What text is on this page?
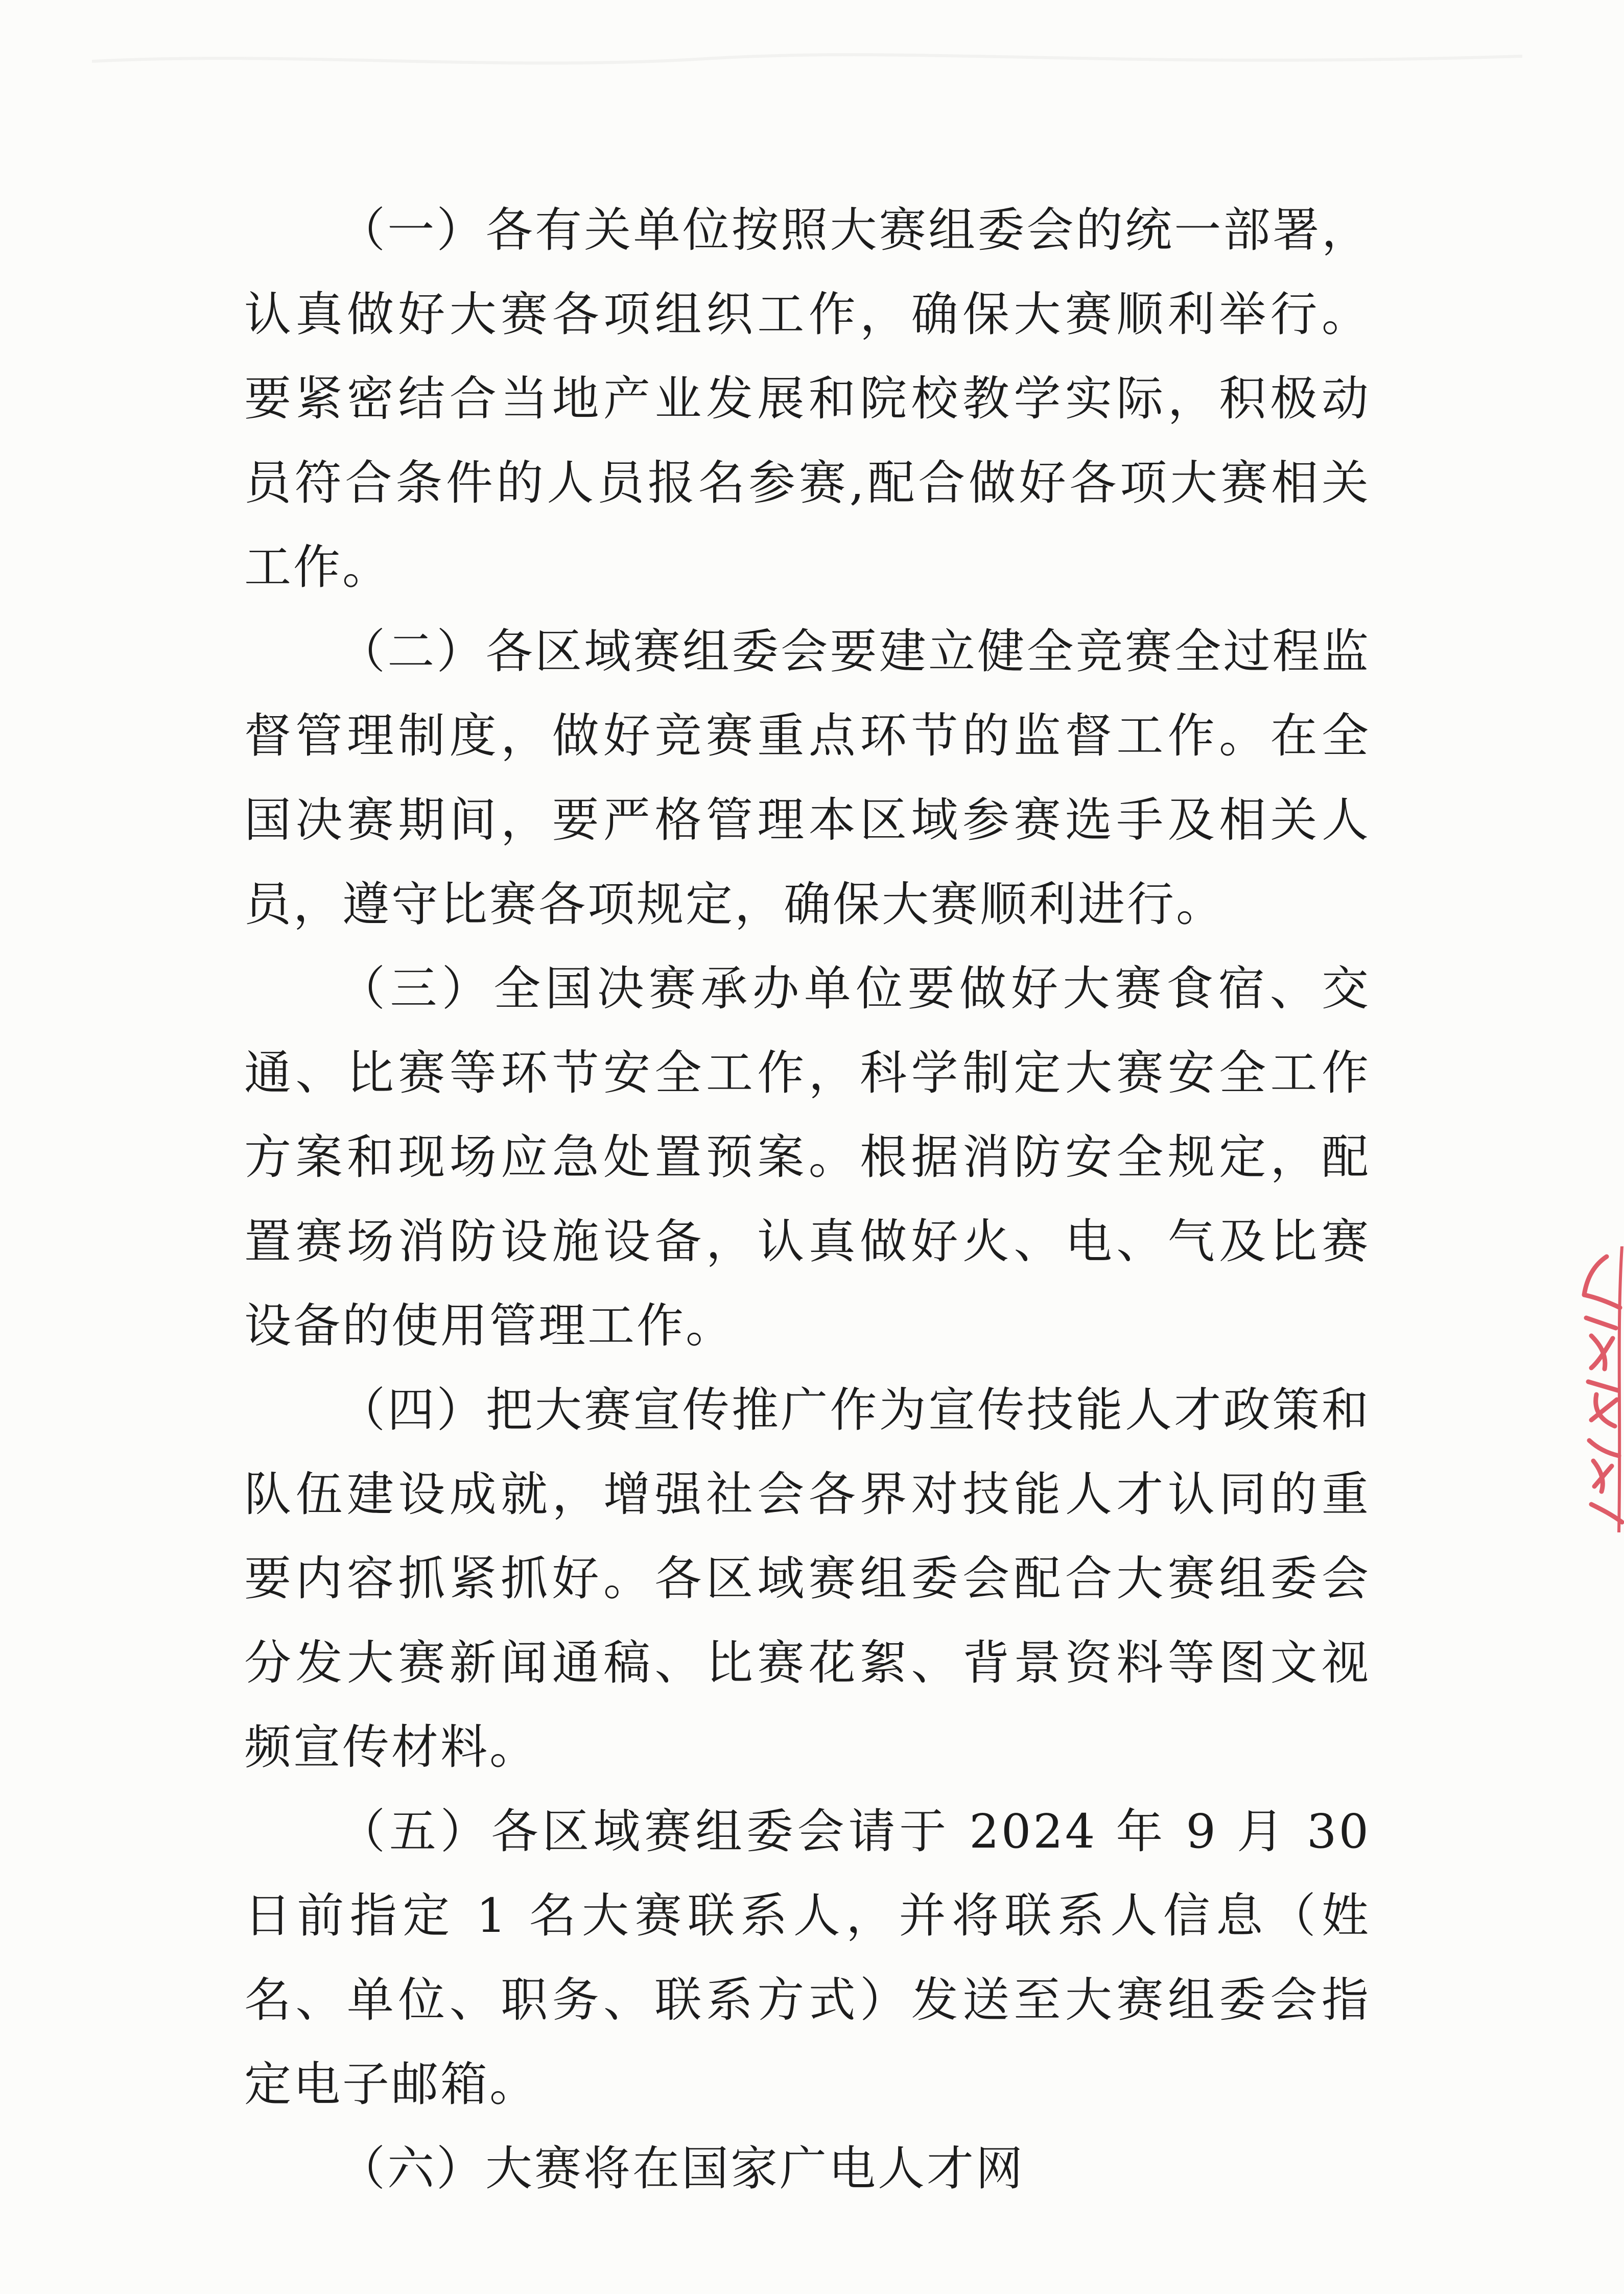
（一）各有关单位按照大赛组委会的统一部署，认真做好大赛各项组织工作，确保大赛顺利举行。要紧密结合当地产业发展和院校教学实际，积极动员符合条件的人员报名参赛,配合做好各项大赛相关工作。

（二）各区域赛组委会要建立健全竞赛全过程监督管理制度，做好竞赛重点环节的监督工作。在全国决赛期间，要严格管理本区域参赛选手及相关人员，遵守比赛各项规定，确保大赛顺利进行。

（三）全国决赛承办单位要做好大赛食宿、交通、比赛等环节安全工作，科学制定大赛安全工作方案和现场应急处置预案。根据消防安全规定，配置赛场消防设施设备，认真做好火、电、气及比赛设备的使用管理工作。

（四）把大赛宣传推广作为宣传技能人才政策和队伍建设成就，增强社会各界对技能人才认同的重要内容抓紧抓好。各区域赛组委会配合大赛组委会分发大赛新闻通稿、比赛花絮、背景资料等图文视频宣传材料。

（五）各区域赛组委会请于 2024 年 9 月 30 日前指定 1 名大赛联系人，并将联系人信息（姓名、单位、职务、联系方式）发送至大赛组委会指定电子邮箱。

（六）大赛将在国家广电人才网
